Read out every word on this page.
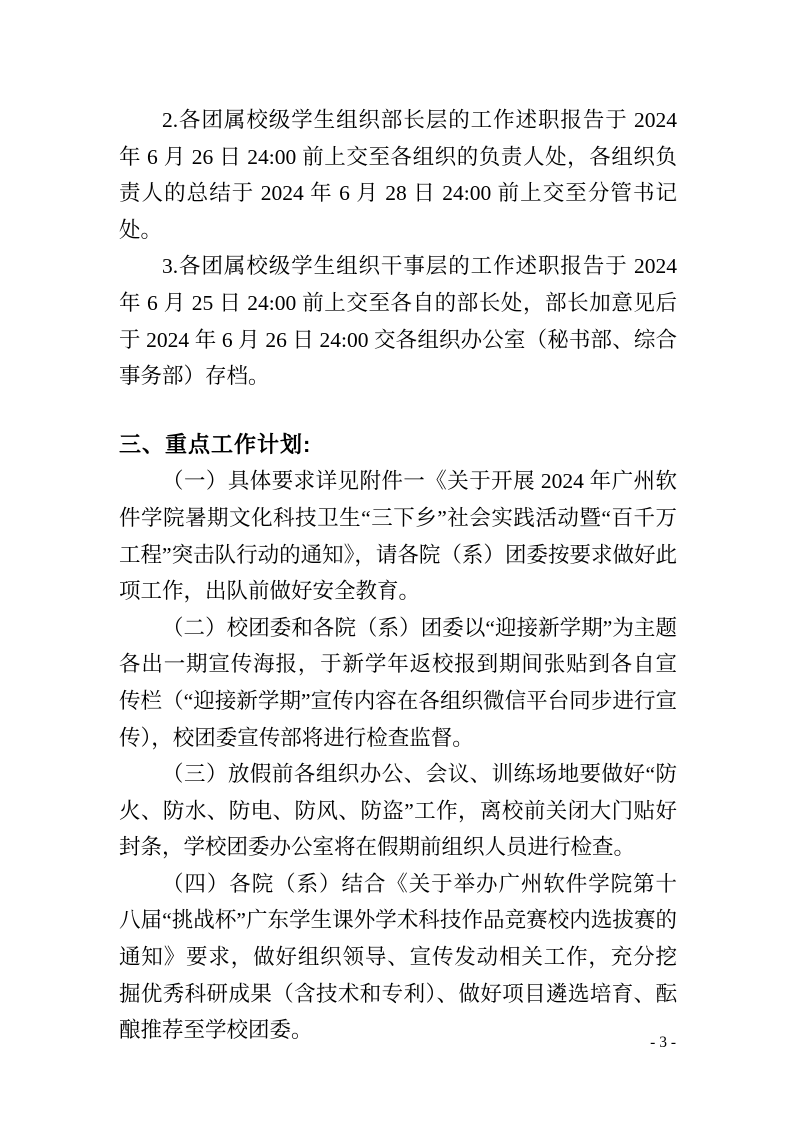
2.各团属校级学生组织部长层的工作述职报告于 2024 年 6 月 26 日 24:00 前上交至各组织的负责人处，各组织负责人的总结于 2024 年 6 月 28 日 24:00 前上交至分管书记处。

3.各团属校级学生组织干事层的工作述职报告于 2024 年 6 月 25 日 24:00 前上交至各自的部长处，部长加意见后于 2024 年 6 月 26 日 24:00 交各组织办公室（秘书部、综合事务部）存档。

三、重点工作计划:

（一）具体要求详见附件一《关于开展 2024 年广州软件学院暑期文化科技卫生“三下乡”社会实践活动暨“百千万工程”突击队行动的通知》，请各院（系）团委按要求做好此项工作，出队前做好安全教育。

（二）校团委和各院（系）团委以“迎接新学期”为主题各出一期宣传海报，于新学年返校报到期间张贴到各自宣传栏（“迎接新学期”宣传内容在各组织微信平台同步进行宣传），校团委宣传部将进行检查监督。

（三）放假前各组织办公、会议、训练场地要做好“防火、防水、防电、防风、防盗”工作，离校前关闭大门贴好封条，学校团委办公室将在假期前组织人员进行检查。

（四）各院（系）结合《关于举办广州软件学院第十八届“挑战杯”广东学生课外学术科技作品竞赛校内选拔赛的通知》要求，做好组织领导、宣传发动相关工作，充分挖掘优秀科研成果（含技术和专利）、做好项目遴选培育、酝酿推荐至学校团委。

- 3 -
